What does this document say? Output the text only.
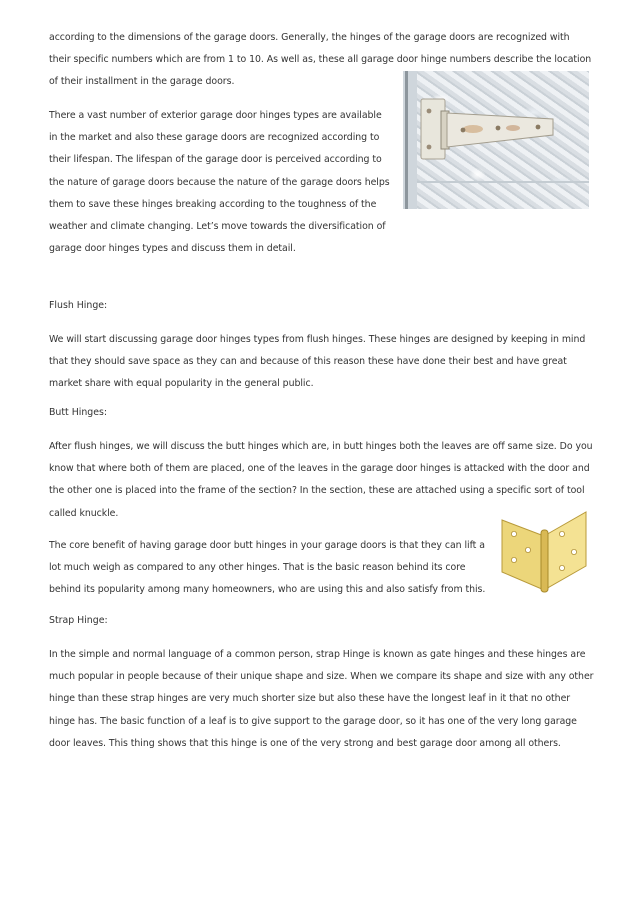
according to the dimensions of the garage doors. Generally, the hinges of the garage doors are recognized with their specific numbers which are from 1 to 10. As well as, these all garage door hinge numbers describe the location of their installment in the garage doors.

There a vast number of exterior garage door hinges types are available in the market and also these garage doors are recognized according to their lifespan. The lifespan of the garage door is perceived according to the nature of garage doors because the nature of the garage doors helps them to save these hinges breaking according to the toughness of the weather and climate changing. Let’s move towards the diversification of garage door hinges types and discuss them in detail.

Flush Hinge:

We will start discussing garage door hinges types from flush hinges. These hinges are designed by keeping in mind that they should save space as they can and because of this reason these have done their best and have great market share with equal popularity in the general public.

Butt Hinges:

After flush hinges, we will discuss the butt hinges which are, in butt hinges both the leaves are off same size. Do you know that where both of them are placed, one of the leaves in the garage door hinges is attacked with the door and the other one is placed into the frame of the section? In the section, these are attached using a specific sort of tool called knuckle.

The core benefit of having garage door butt hinges in your garage doors is that they can lift a lot much weigh as compared to any other hinges. That is the basic reason behind its core behind its popularity among many homeowners, who are using this and also satisfy from this.

Strap Hinge:

In the simple and normal language of a common person, strap Hinge is known as gate hinges and these hinges are much popular in people because of their unique shape and size. When we compare its shape and size with any other hinge than these strap hinges are very much shorter size but also these have the longest leaf in it that no other hinge has. The basic function of a leaf is to give support to the garage door, so it has one of the very long garage door leaves. This thing shows that this hinge is one of the very strong and best garage door among all others.
